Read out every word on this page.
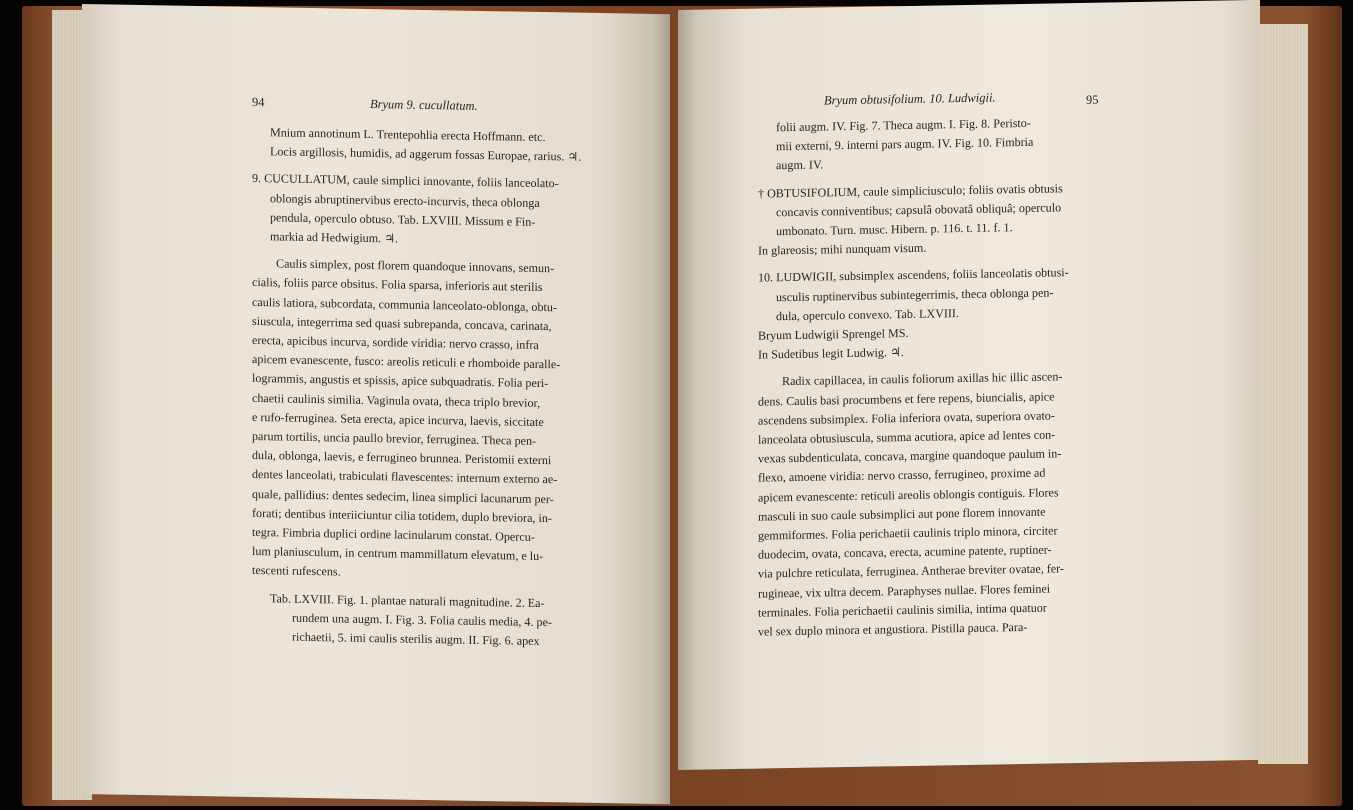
94	Bryum 9. cucullatum.

Mnium annotinum L. Trentepohlia erecta Hoffmann. etc.

Locis argillosis, humidis, ad aggerum fossas Europae, rarius. ♃.

9. CUCULLATUM, caule simplici innovante, foliis lanceolato-

oblongis abruptinervibus erecto-incurvis, theca oblonga

pendula, operculo obtuso. Tab. LXVIII. Missum e Fin-

markia ad Hedwigium. ♃.

Caulis simplex, post florem quandoque innovans, semun-

cialis, foliis parce obsitus. Folia sparsa, inferioris aut sterilis

caulis latiora, subcordata, communia lanceolato-oblonga, obtu-

siuscula, integerrima sed quasi subrepanda, concava, carinata,

erecta, apicibus incurva, sordide viridia: nervo crasso, infra

apicem evanescente, fusco: areolis reticuli e rhomboide paralle-

logrammis, angustis et spissis, apice subquadratis. Folia peri-

chaetii caulinis similia. Vaginula ovata, theca triplo brevior,

e rufo-ferruginea. Seta erecta, apice incurva, laevis, siccitate

parum tortilis, uncia paullo brevior, ferruginea. Theca pen-

dula, oblonga, laevis, e ferrugineo brunnea. Peristomii externi

dentes lanceolati, trabiculati flavescentes: internum externo ae-

quale, pallidius: dentes sedecim, linea simplici lacunarum per-

forati; dentibus interiiciuntur cilia totidem, duplo breviora, in-

tegra. Fimbria duplici ordine lacinularum constat. Opercu-

lum planiusculum, in centrum mammillatum elevatum, e lu-

tescenti rufescens.

Tab. LXVIII. Fig. 1. plantae naturali magnitudine. 2. Ea-

rundem una augm. I. Fig. 3. Folia caulis media, 4. pe-

richaetii, 5. imi caulis sterilis augm. II. Fig. 6. apex

Bryum obtusifolium. 10. Ludwigii.	95

folii augm. IV. Fig. 7. Theca augm. I. Fig. 8. Peristo-

mii externi, 9. interni pars augm. IV. Fig. 10. Fimbria

augm. IV.

† OBTUSIFOLIUM, caule simpliciusculo; foliis ovatis obtusis

concavis conniventibus; capsulâ obovatâ obliquâ; operculo

umbonato. Turn. musc. Hibern. p. 116. t. 11. f. 1.

In glareosis; mihi nunquam visum.

10. LUDWIGII, subsimplex ascendens, foliis lanceolatis obtusi-

usculis ruptinervibus subintegerrimis, theca oblonga pen-

dula, operculo convexo. Tab. LXVIII.

Bryum Ludwigii Sprengel MS.

In Sudetibus legit Ludwig. ♃.

Radix capillacea, in caulis foliorum axillas hic illic ascen-

dens. Caulis basi procumbens et fere repens, biuncialis, apice

ascendens subsimplex. Folia inferiora ovata, superiora ovato-

lanceolata obtusiuscula, summa acutiora, apice ad lentes con-

vexas subdenticulata, concava, margine quandoque paulum in-

flexo, amoene viridia: nervo crasso, ferrugineo, proxime ad

apicem evanescente: reticuli areolis oblongis contiguis. Flores

masculi in suo caule subsimplici aut pone florem innovante

gemmiformes. Folia perichaetii caulinis triplo minora, circiter

duodecim, ovata, concava, erecta, acumine patente, ruptiner-

via pulchre reticulata, ferruginea. Antherae breviter ovatae, fer-

rugineae, vix ultra decem. Paraphyses nullae. Flores feminei

terminales. Folia perichaetii caulinis similia, intima quatuor

vel sex duplo minora et angustiora. Pistilla pauca. Para-
